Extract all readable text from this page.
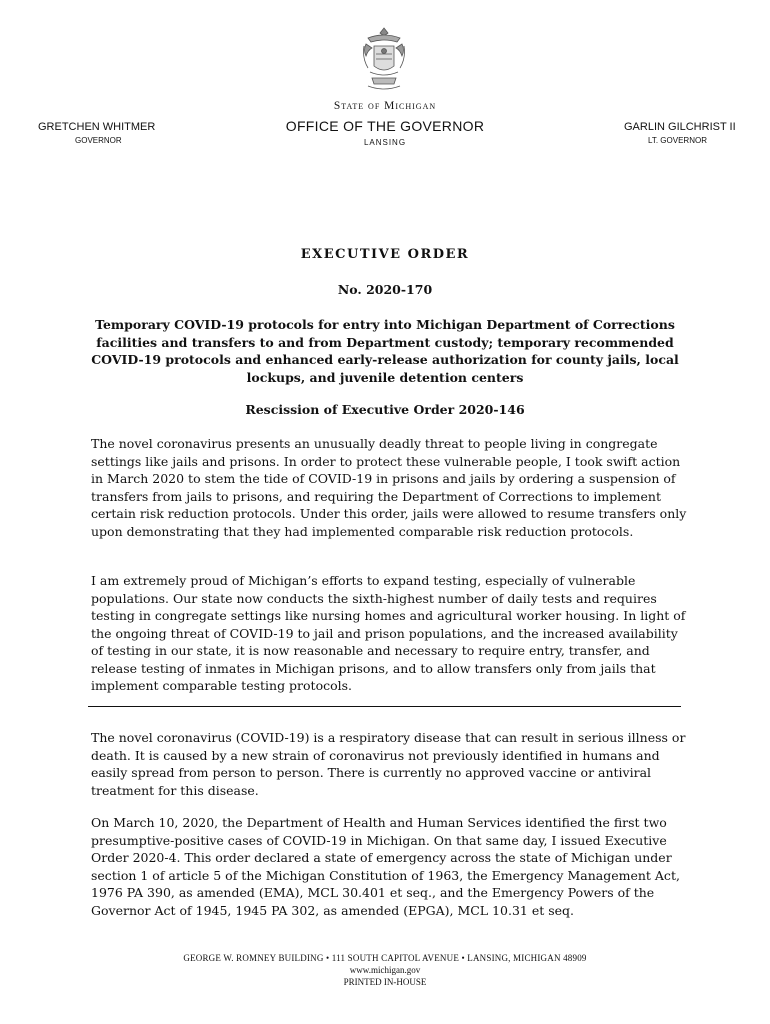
State of Michigan
OFFICE OF THE GOVERNOR
LANSING
GRETCHEN WHITMER
GOVERNOR
GARLIN GILCHRIST II
LT. GOVERNOR
EXECUTIVE ORDER
No. 2020-170
Temporary COVID-19 protocols for entry into Michigan Department of Corrections facilities and transfers to and from Department custody; temporary recommended COVID-19 protocols and enhanced early-release authorization for county jails, local lockups, and juvenile detention centers
Rescission of Executive Order 2020-146

The novel coronavirus presents an unusually deadly threat to people living in congregate settings like jails and prisons. In order to protect these vulnerable people, I took swift action in March 2020 to stem the tide of COVID-19 in prisons and jails by ordering a suspension of transfers from jails to prisons, and requiring the Department of Corrections to implement certain risk reduction protocols. Under this order, jails were allowed to resume transfers only upon demonstrating that they had implemented comparable risk reduction protocols.

I am extremely proud of Michigan’s efforts to expand testing, especially of vulnerable populations. Our state now conducts the sixth-highest number of daily tests and requires testing in congregate settings like nursing homes and agricultural worker housing. In light of the ongoing threat of COVID-19 to jail and prison populations, and the increased availability of testing in our state, it is now reasonable and necessary to require entry, transfer, and release testing of inmates in Michigan prisons, and to allow transfers only from jails that implement comparable testing protocols.

The novel coronavirus (COVID-19) is a respiratory disease that can result in serious illness or death. It is caused by a new strain of coronavirus not previously identified in humans and easily spread from person to person. There is currently no approved vaccine or antiviral treatment for this disease.

On March 10, 2020, the Department of Health and Human Services identified the first two presumptive-positive cases of COVID-19 in Michigan. On that same day, I issued Executive Order 2020-4. This order declared a state of emergency across the state of Michigan under section 1 of article 5 of the Michigan Constitution of 1963, the Emergency Management Act, 1976 PA 390, as amended (EMA), MCL 30.401 et seq., and the Emergency Powers of the Governor Act of 1945, 1945 PA 302, as amended (EPGA), MCL 10.31 et seq.

GEORGE W. ROMNEY BUILDING • 111 SOUTH CAPITOL AVENUE • LANSING, MICHIGAN 48909
www.michigan.gov
PRINTED IN-HOUSE
